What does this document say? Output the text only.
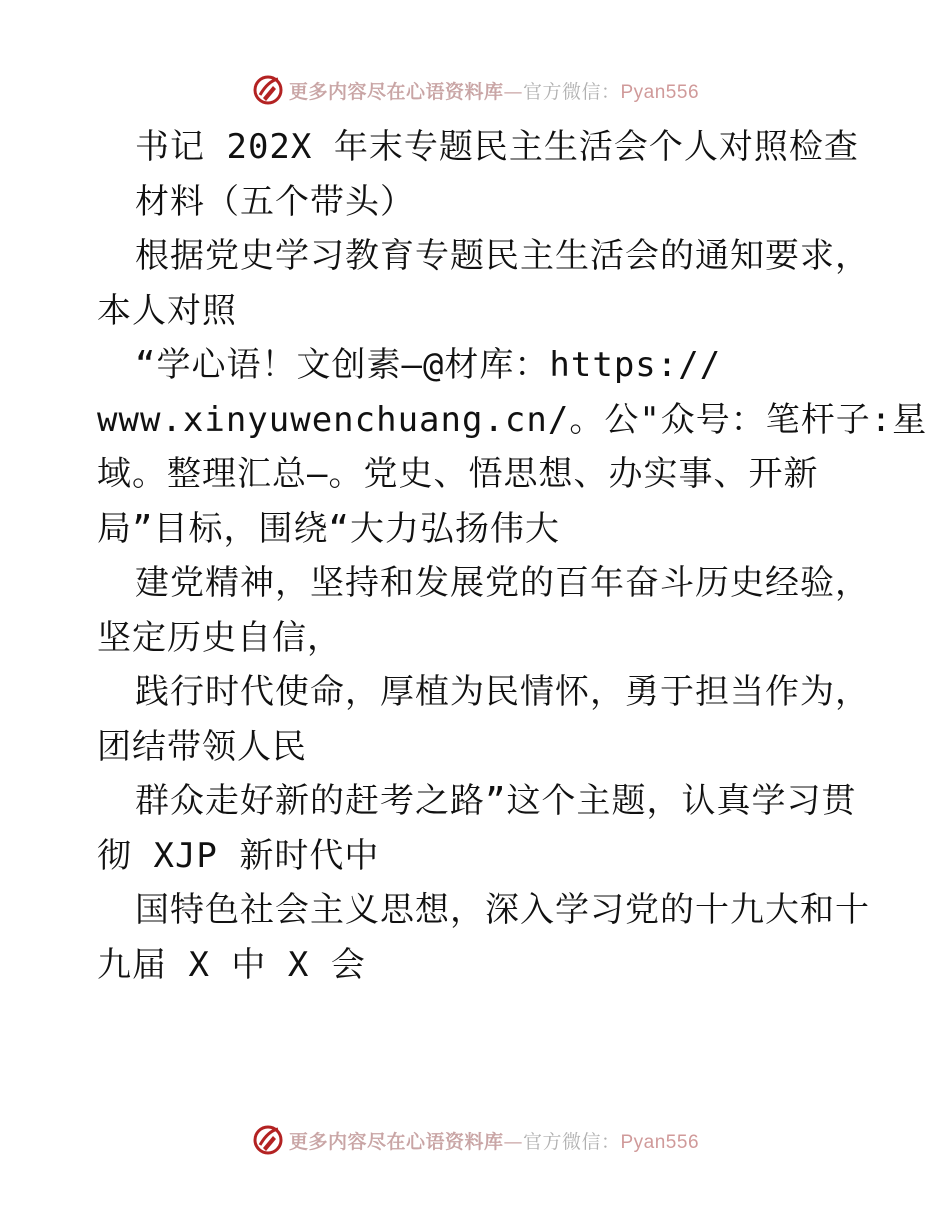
更多内容尽在心语资料库—官方微信：Pyan556
书记 202X 年末专题民主生活会个人对照检查
材料（五个带头）
根据党史学习教育专题民主生活会的通知要求，
本人对照
“学心语！文创素—@材库：https://
www.xinyuwenchuang.cn/。公"众号：笔杆子:星
域。整理汇总—。党史、悟思想、办实事、开新
局”目标，围绕“大力弘扬伟大
建党精神，坚持和发展党的百年奋斗历史经验，
坚定历史自信，
践行时代使命，厚植为民情怀，勇于担当作为，
团结带领人民
群众走好新的赶考之路”这个主题，认真学习贯
彻 XJP 新时代中
国特色社会主义思想，深入学习党的十九大和十
九届 X 中 X 会
更多内容尽在心语资料库—官方微信：Pyan556
